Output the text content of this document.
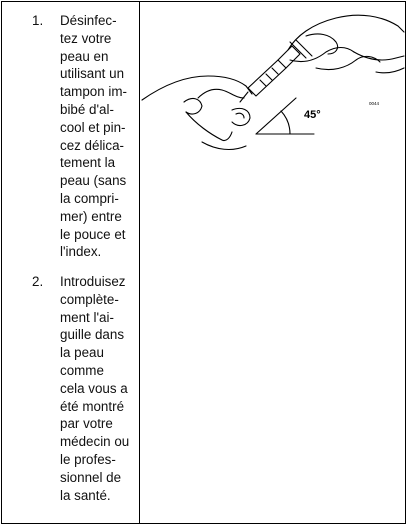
1. Désinfec-
tez votre
peau en
utilisant un
tampon im-
bibé d'al-
cool et pin-
cez délica-
tement la
peau (sans
la compri-
mer) entre
le pouce et
l'index.
2. Introduisez
complète-
ment l'ai-
guille dans
la peau
comme
cela vous a
été montré
par votre
médecin ou
le profes-
sionnel de
la santé.
45°
0044
